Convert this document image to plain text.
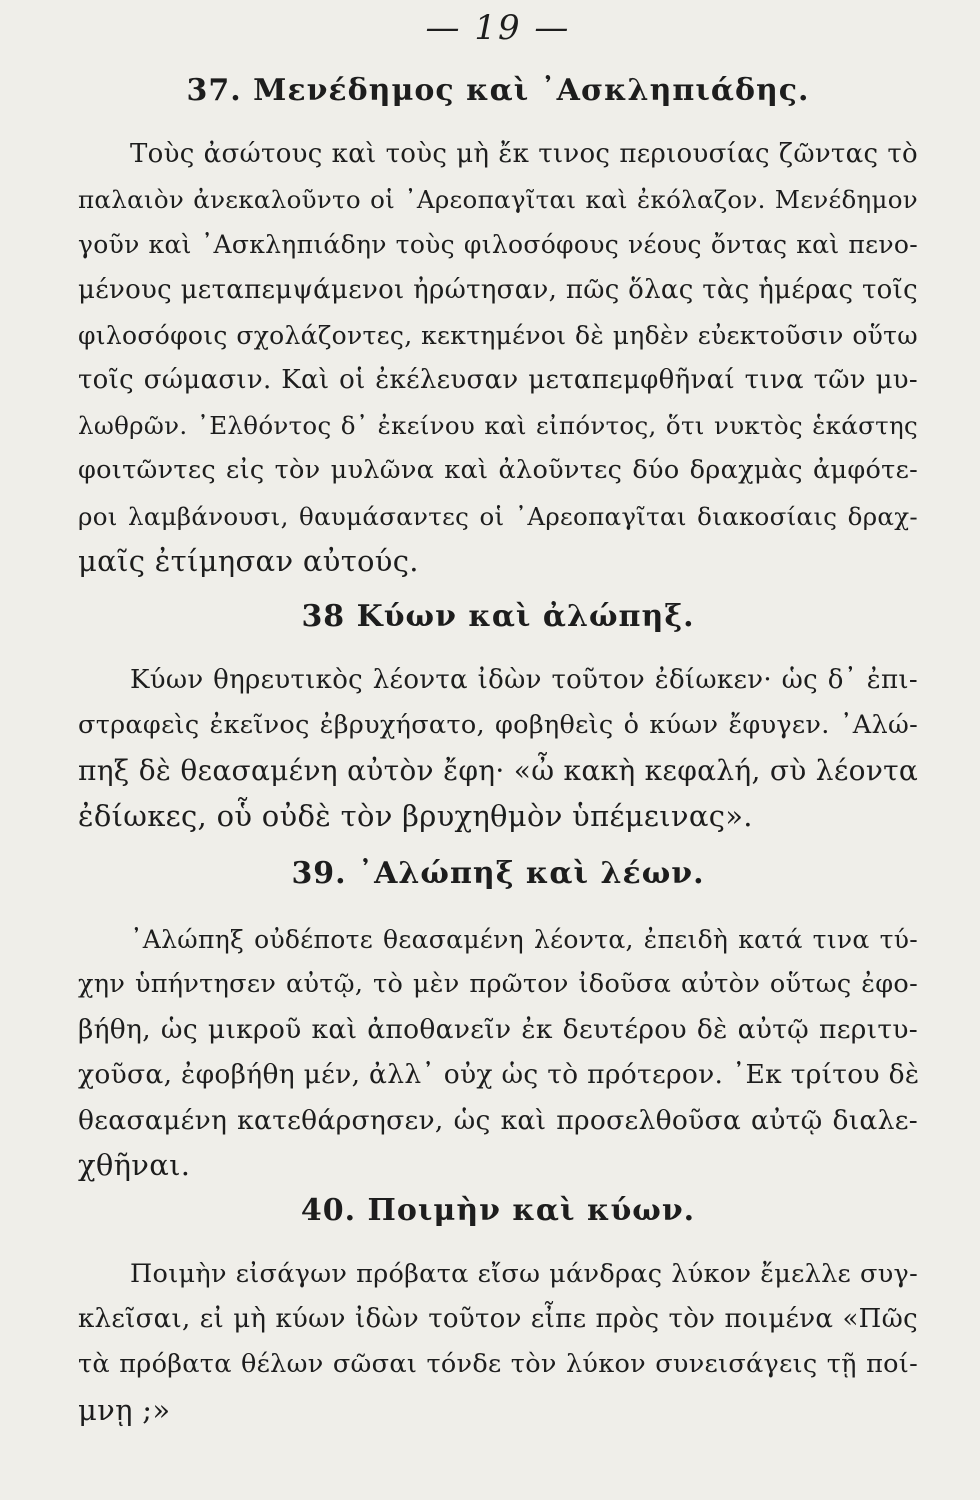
— 19 —
37. Μενέδημος καὶ ᾿Ασκληπιάδης.
Τοὺς ἀσώτους καὶ τοὺς μὴ ἔκ τινος περιουσίας ζῶντας τὸ
παλαιὸν ἀνεκαλοῦντο οἱ ᾿Αρεοπαγῖται καὶ ἐκόλαζον. Μενέδημον
γοῦν καὶ ᾿Ασκληπιάδην τοὺς φιλοσόφους νέους ὄντας καὶ πενο-
μένους μεταπεμψάμενοι ἠρώτησαν, πῶς ὅλας τὰς ἡμέρας τοῖς
φιλοσόφοις σχολάζοντες, κεκτημένοι δὲ μηδὲν εὐεκτοῦσιν οὕτω
τοῖς σώμασιν. Καὶ οἱ ἐκέλευσαν μεταπεμφθῆναί τινα τῶν μυ-
λωθρῶν. ᾿Ελθόντος δ᾿ ἐκείνου καὶ εἰπόντος, ὅτι νυκτὸς ἑκάστης
φοιτῶντες εἰς τὸν μυλῶνα καὶ ἀλοῦντες δύο δραχμὰς ἀμφότε-
ροι λαμβάνουσι, θαυμάσαντες οἱ ᾿Αρεοπαγῖται διακοσίαις δραχ-
μαῖς ἐτίμησαν αὐτούς.
38 Κύων καὶ ἀλώπηξ.
Κύων θηρευτικὸς λέοντα ἰδὼν τοῦτον ἐδίωκεν· ὡς δ᾿ ἐπι-
στραφεὶς ἐκεῖνος ἐβρυχήσατο, φοβηθεὶς ὁ κύων ἔφυγεν. ᾿Αλώ-
πηξ δὲ θεασαμένη αὐτὸν ἔφη· «ὦ κακὴ κεφαλή, σὺ λέοντα
ἐδίωκες, οὗ οὐδὲ τὸν βρυχηθμὸν ὑπέμεινας».
39. ᾿Αλώπηξ καὶ λέων.
᾿Αλώπηξ οὐδέποτε θεασαμένη λέοντα, ἐπειδὴ κατά τινα τύ-
χην ὑπήντησεν αὐτῷ, τὸ μὲν πρῶτον ἰδοῦσα αὐτὸν οὕτως ἐφο-
βήθη, ὡς μικροῦ καὶ ἀποθανεῖν ἐκ δευτέρου δὲ αὐτῷ περιτυ-
χοῦσα, ἐφοβήθη μέν, ἀλλ᾿ οὐχ ὡς τὸ πρότερον. ᾿Εκ τρίτου δὲ
θεασαμένη κατεθάρσησεν, ὡς καὶ προσελθοῦσα αὐτῷ διαλε-
χθῆναι.
40. Ποιμὴν καὶ κύων.
Ποιμὴν εἰσάγων πρόβατα εἴσω μάνδρας λύκον ἔμελλε συγ-
κλεῖσαι, εἰ μὴ κύων ἰδὼν τοῦτον εἶπε πρὸς τὸν ποιμένα «Πῶς
τὰ πρόβατα θέλων σῶσαι τόνδε τὸν λύκον συνεισάγεις τῇ ποί-
μνῃ ;»
